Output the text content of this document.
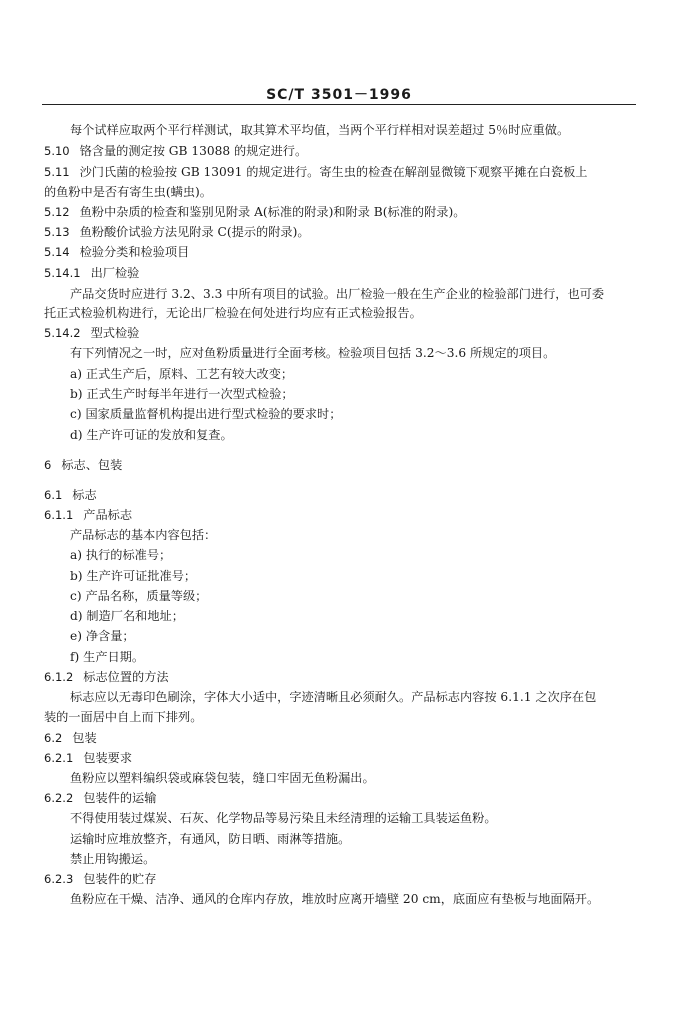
SC/T 3501－1996
每个试样应取两个平行样测试，取其算术平均值，当两个平行样相对误差超过 5％时应重做。
5.10 铬含量的测定按 GB 13088 的规定进行。
5.11 沙门氏菌的检验按 GB 13091 的规定进行。寄生虫的检查在解剖显微镜下观察平摊在白瓷板上
的鱼粉中是否有寄生虫(螨虫)。
5.12 鱼粉中杂质的检查和鉴别见附录 A(标准的附录)和附录 B(标准的附录)。
5.13 鱼粉酸价试验方法见附录 C(提示的附录)。
5.14 检验分类和检验项目
5.14.1 出厂检验
产品交货时应进行 3.2、3.3 中所有项目的试验。出厂检验一般在生产企业的检验部门进行，也可委
托正式检验机构进行，无论出厂检验在何处进行均应有正式检验报告。
5.14.2 型式检验
有下列情况之一时，应对鱼粉质量进行全面考核。检验项目包括 3.2～3.6 所规定的项目。
a) 正式生产后，原料、工艺有较大改变；
b) 正式生产时每半年进行一次型式检验；
c) 国家质量监督机构提出进行型式检验的要求时；
d) 生产许可证的发放和复查。
6 标志、包装
6.1 标志
6.1.1 产品标志
产品标志的基本内容包括：
a) 执行的标准号；
b) 生产许可证批准号；
c) 产品名称，质量等级；
d) 制造厂名和地址；
e) 净含量；
f) 生产日期。
6.1.2 标志位置的方法
标志应以无毒印色刷涂，字体大小适中，字迹清晰且必须耐久。产品标志内容按 6.1.1 之次序在包
装的一面居中自上而下排列。
6.2 包装
6.2.1 包装要求
鱼粉应以塑料编织袋或麻袋包装，缝口牢固无鱼粉漏出。
6.2.2 包装件的运输
不得使用装过煤炭、石灰、化学物品等易污染且未经清理的运输工具装运鱼粉。
运输时应堆放整齐，有通风，防日晒、雨淋等措施。
禁止用钩搬运。
6.2.3 包装件的贮存
鱼粉应在干燥、洁净、通风的仓库内存放，堆放时应离开墙壁 20 cm，底面应有垫板与地面隔开。
